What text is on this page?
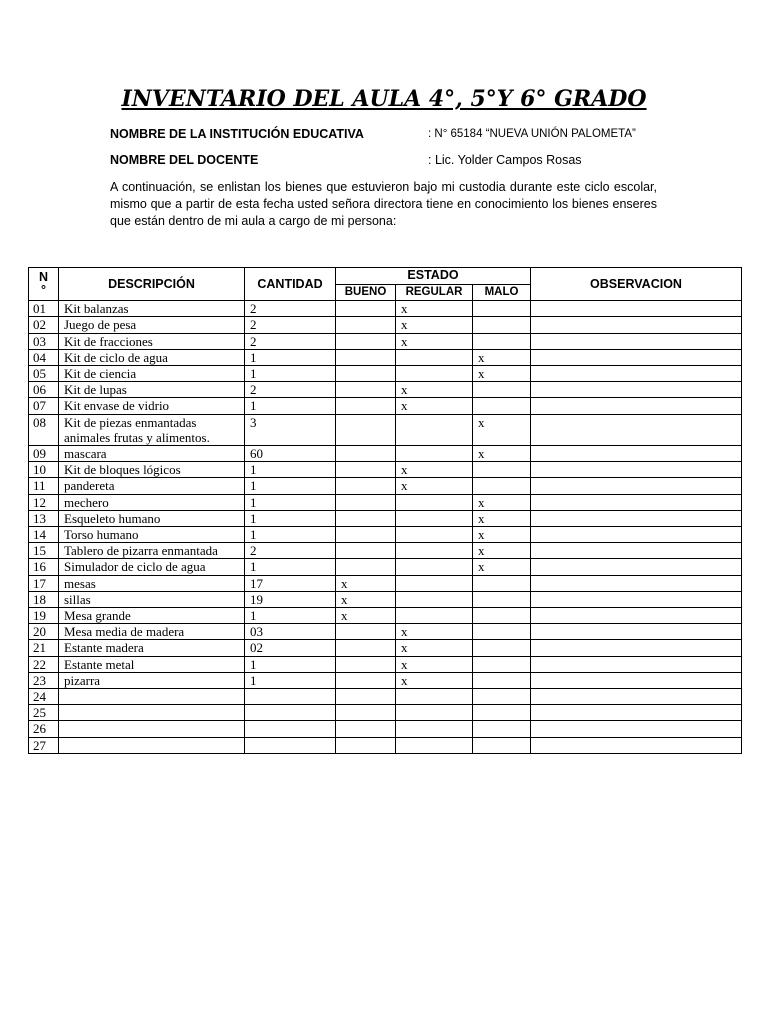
INVENTARIO DEL AULA 4°, 5°Y 6° GRADO
NOMBRE DE LA INSTITUCIÓN EDUCATIVA	: N° 65184 “NUEVA UNIÓN PALOMETA”
NOMBRE DEL DOCENTE	: Lic. Yolder Campos Rosas
A continuación, se enlistan los bienes que estuvieron bajo mi custodia durante este ciclo escolar, mismo que a partir de esta fecha usted señora directora tiene en conocimiento los bienes enseres que están dentro de mi aula a cargo de mi persona:
N
°	DESCRIPCIÓN	CANTIDAD	ESTADO			OBSERVACION
			BUENO	REGULAR	MALO	
01	Kit balanzas	2		x		
02	Juego de pesa	2		x		
03	Kit de fracciones	2		x		
04	Kit de ciclo de agua	1			x	
05	Kit de ciencia	1			x	
06	Kit de lupas	2		x		
07	Kit envase de vidrio	1		x		
08	Kit de piezas enmantadas animales frutas y alimentos.	3			x	
09	mascara	60			x	
10	Kit de bloques lógicos	1		x		
11	pandereta	1		x		
12	mechero	1			x	
13	Esqueleto humano	1			x	
14	Torso humano	1			x	
15	Tablero de pizarra enmantada	2			x	
16	Simulador de ciclo de agua	1			x	
17	mesas	17	x			
18	sillas	19	x			
19	Mesa grande	1	x			
20	Mesa media de madera	03		x		
21	Estante madera	02		x		
22	Estante metal	1		x		
23	pizarra	1		x		
24						
25						
26						
27						
